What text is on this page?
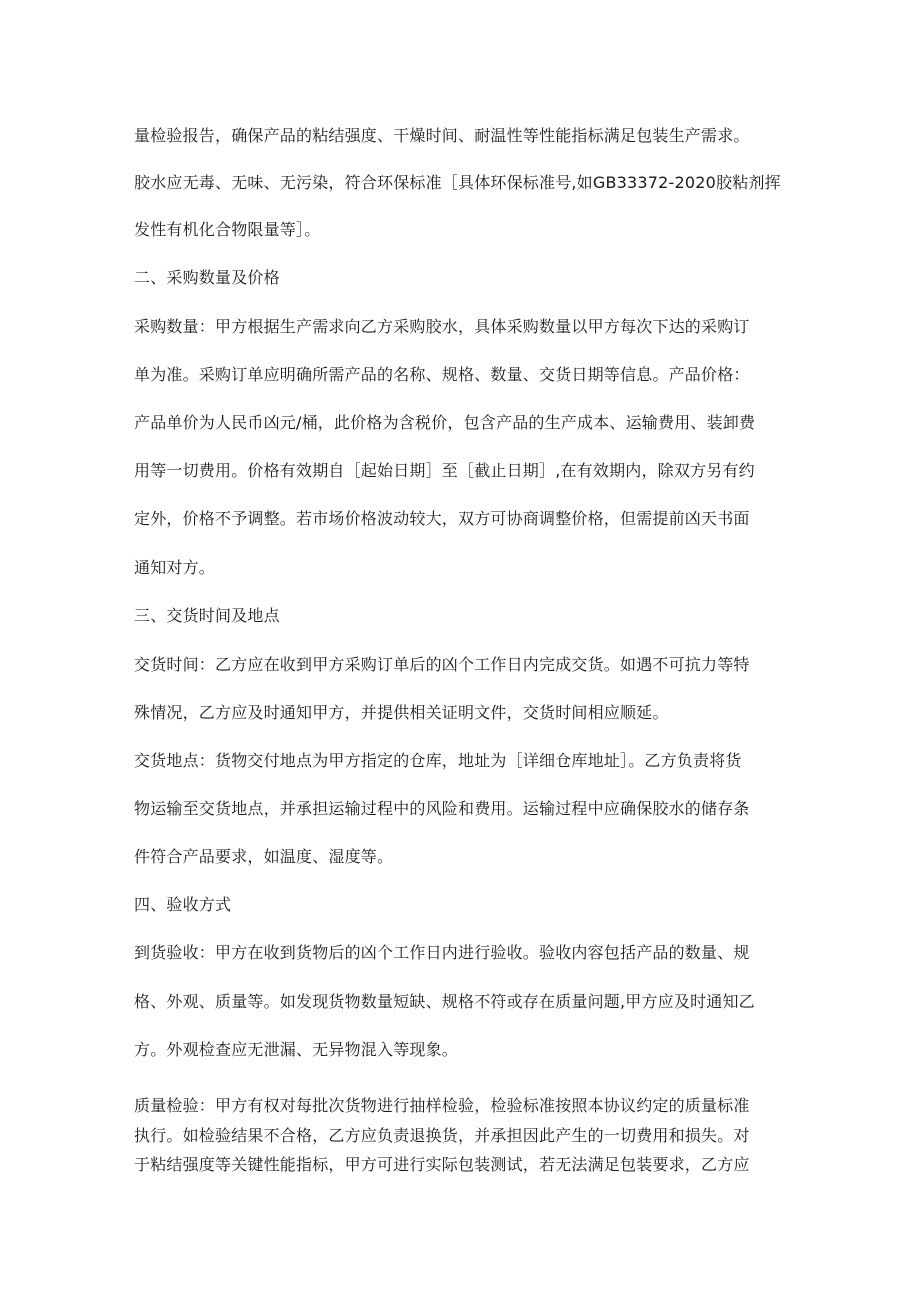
量检验报告，确保产品的粘结强度、干燥时间、耐温性等性能指标满足包装生产需求。
胶水应无毒、无味、无污染，符合环保标准［具体环保标准号,如GB33372-2020胶粘剂挥
发性有机化合物限量等］。
二、采购数量及价格
采购数量：甲方根据生产需求向乙方采购胶水，具体采购数量以甲方每次下达的采购订
单为准。采购订单应明确所需产品的名称、规格、数量、交货日期等信息。产品价格：
产品单价为人民币凶元/桶，此价格为含税价，包含产品的生产成本、运输费用、装卸费
用等一切费用。价格有效期自［起始日期］至［截止日期］,在有效期内，除双方另有约
定外，价格不予调整。若市场价格波动较大，双方可协商调整价格，但需提前凶天书面
通知对方。
三、交货时间及地点
交货时间：乙方应在收到甲方采购订单后的凶个工作日内完成交货。如遇不可抗力等特
殊情况，乙方应及时通知甲方，并提供相关证明文件，交货时间相应顺延。
交货地点：货物交付地点为甲方指定的仓库，地址为［详细仓库地址］。乙方负责将货
物运输至交货地点，并承担运输过程中的风险和费用。运输过程中应确保胶水的储存条
件符合产品要求，如温度、湿度等。
四、验收方式
到货验收：甲方在收到货物后的凶个工作日内进行验收。验收内容包括产品的数量、规
格、外观、质量等。如发现货物数量短缺、规格不符或存在质量问题,甲方应及时通知乙
方。外观检查应无泄漏、无异物混入等现象。
质量检验：甲方有权对每批次货物进行抽样检验，检验标准按照本协议约定的质量标准
执行。如检验结果不合格，乙方应负责退换货，并承担因此产生的一切费用和损失。对
于粘结强度等关键性能指标，甲方可进行实际包装测试，若无法满足包装要求，乙方应
